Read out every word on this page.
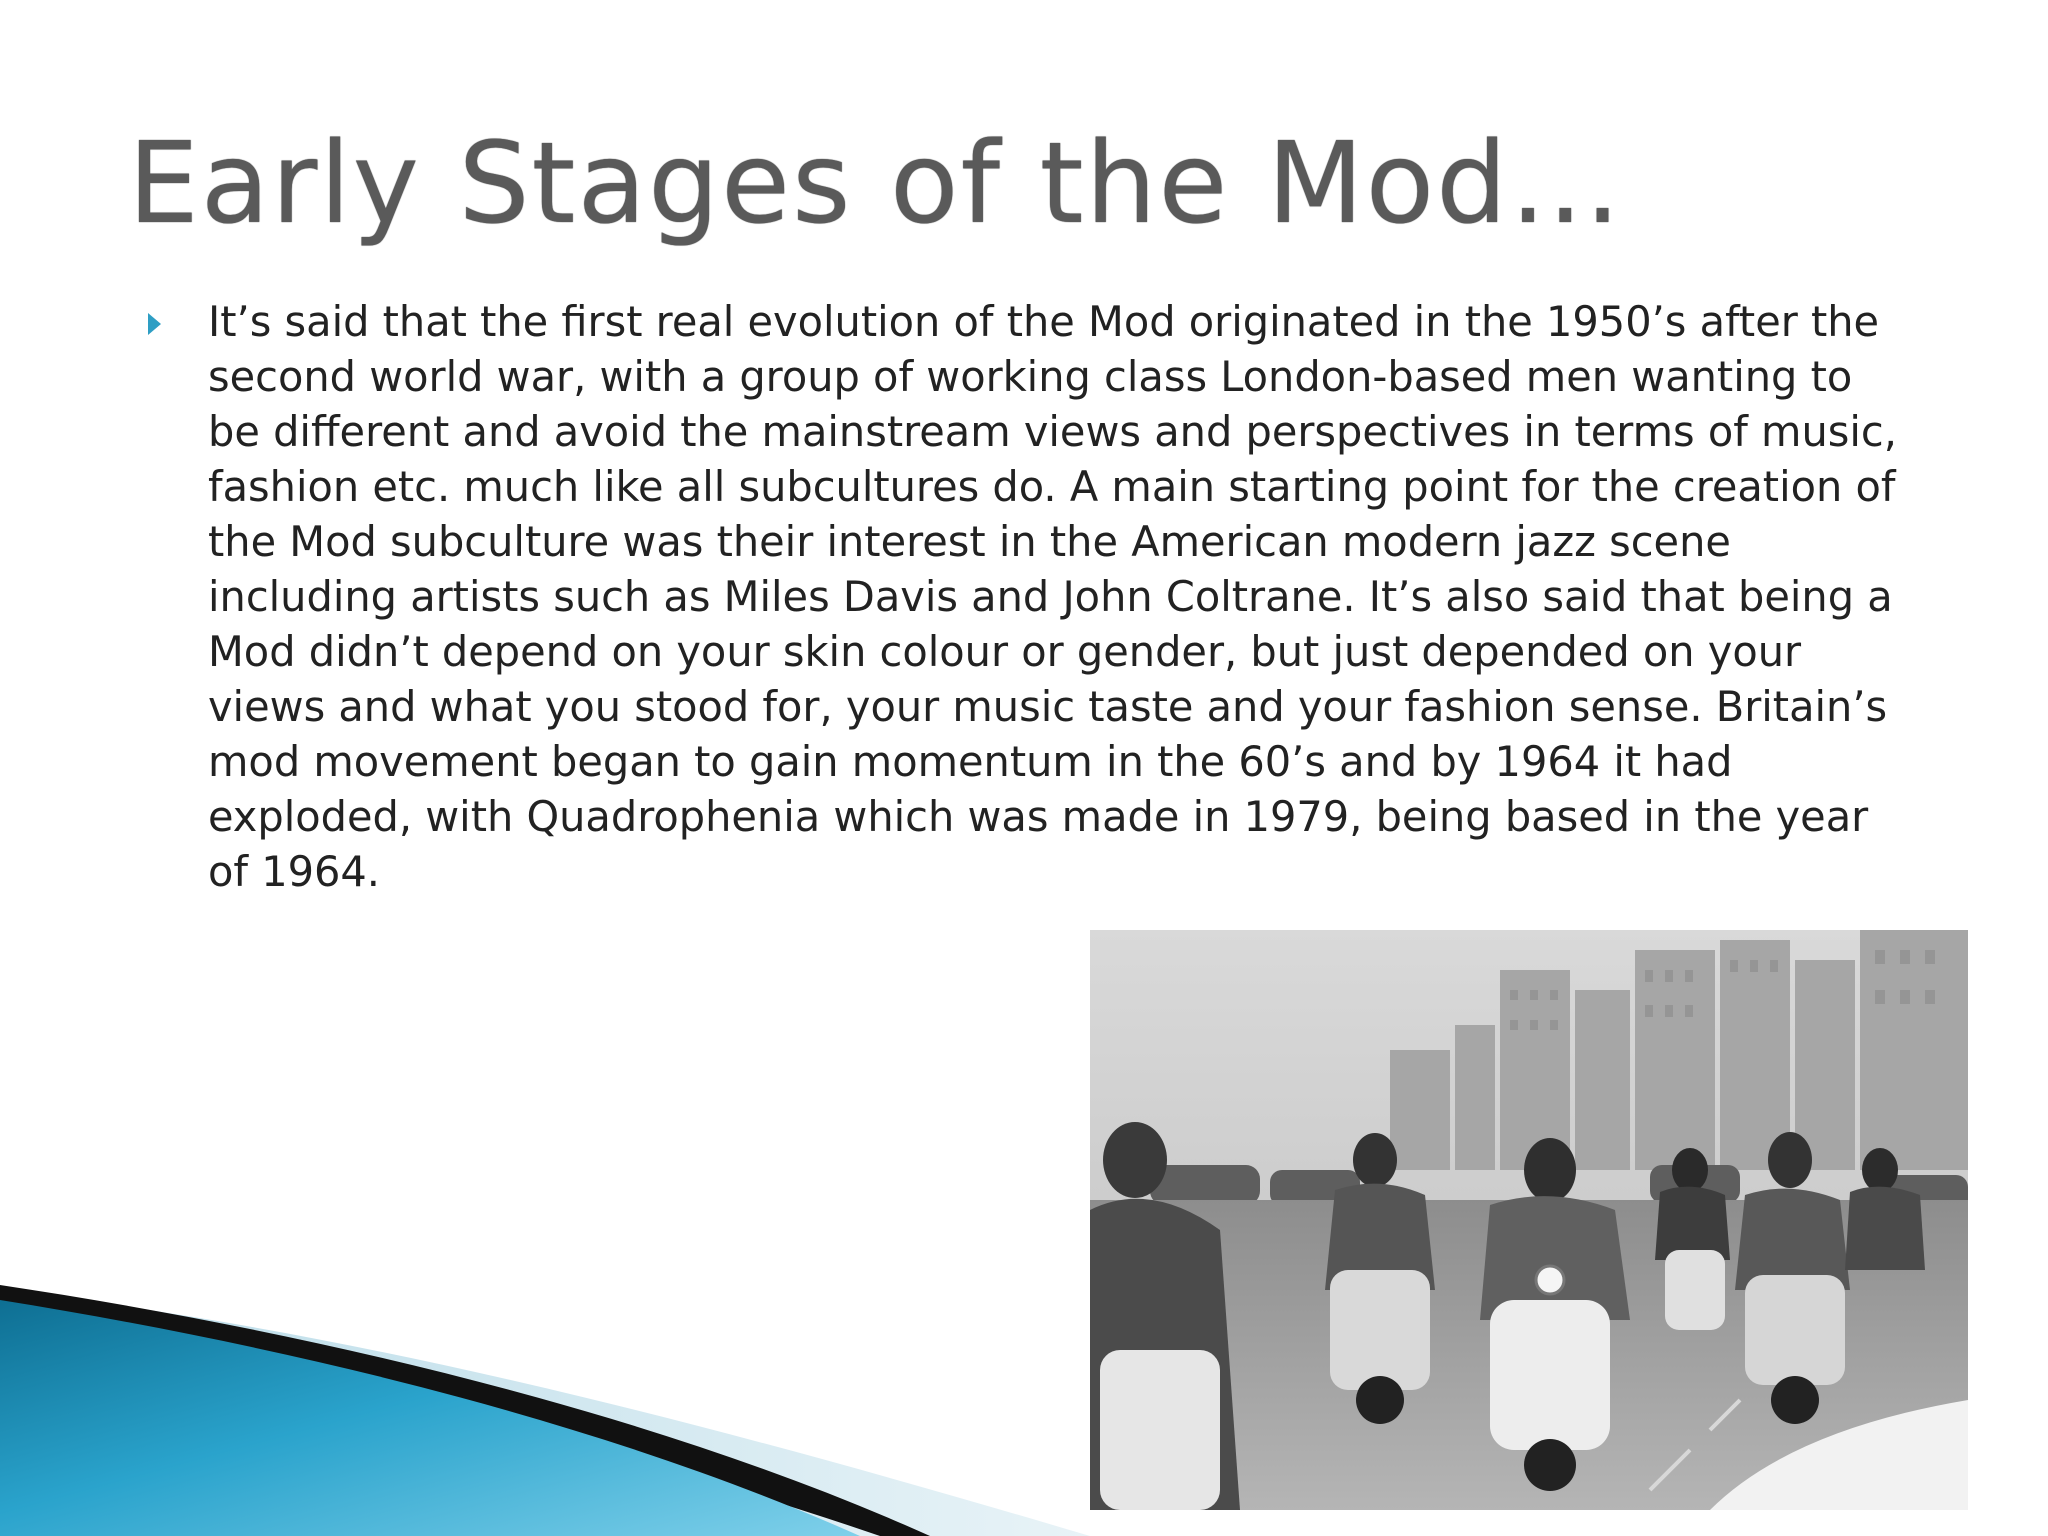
Early Stages of the Mod…

It’s said that the first real evolution of the Mod originated in the 1950’s after the second world war, with a group of working class London-based men wanting to be different and avoid the mainstream views and perspectives in terms of music, fashion etc. much like all subcultures do. A main starting point for the creation of the Mod subculture was their interest in the American modern jazz scene including artists such as Miles Davis and John Coltrane. It’s also said that being a Mod didn’t depend on your skin colour or gender, but just depended on your views and what you stood for, your music taste and your fashion sense. Britain’s mod movement began to gain momentum in the 60’s and by 1964 it had exploded, with Quadrophenia which was made in 1979, being based in the year of 1964.
